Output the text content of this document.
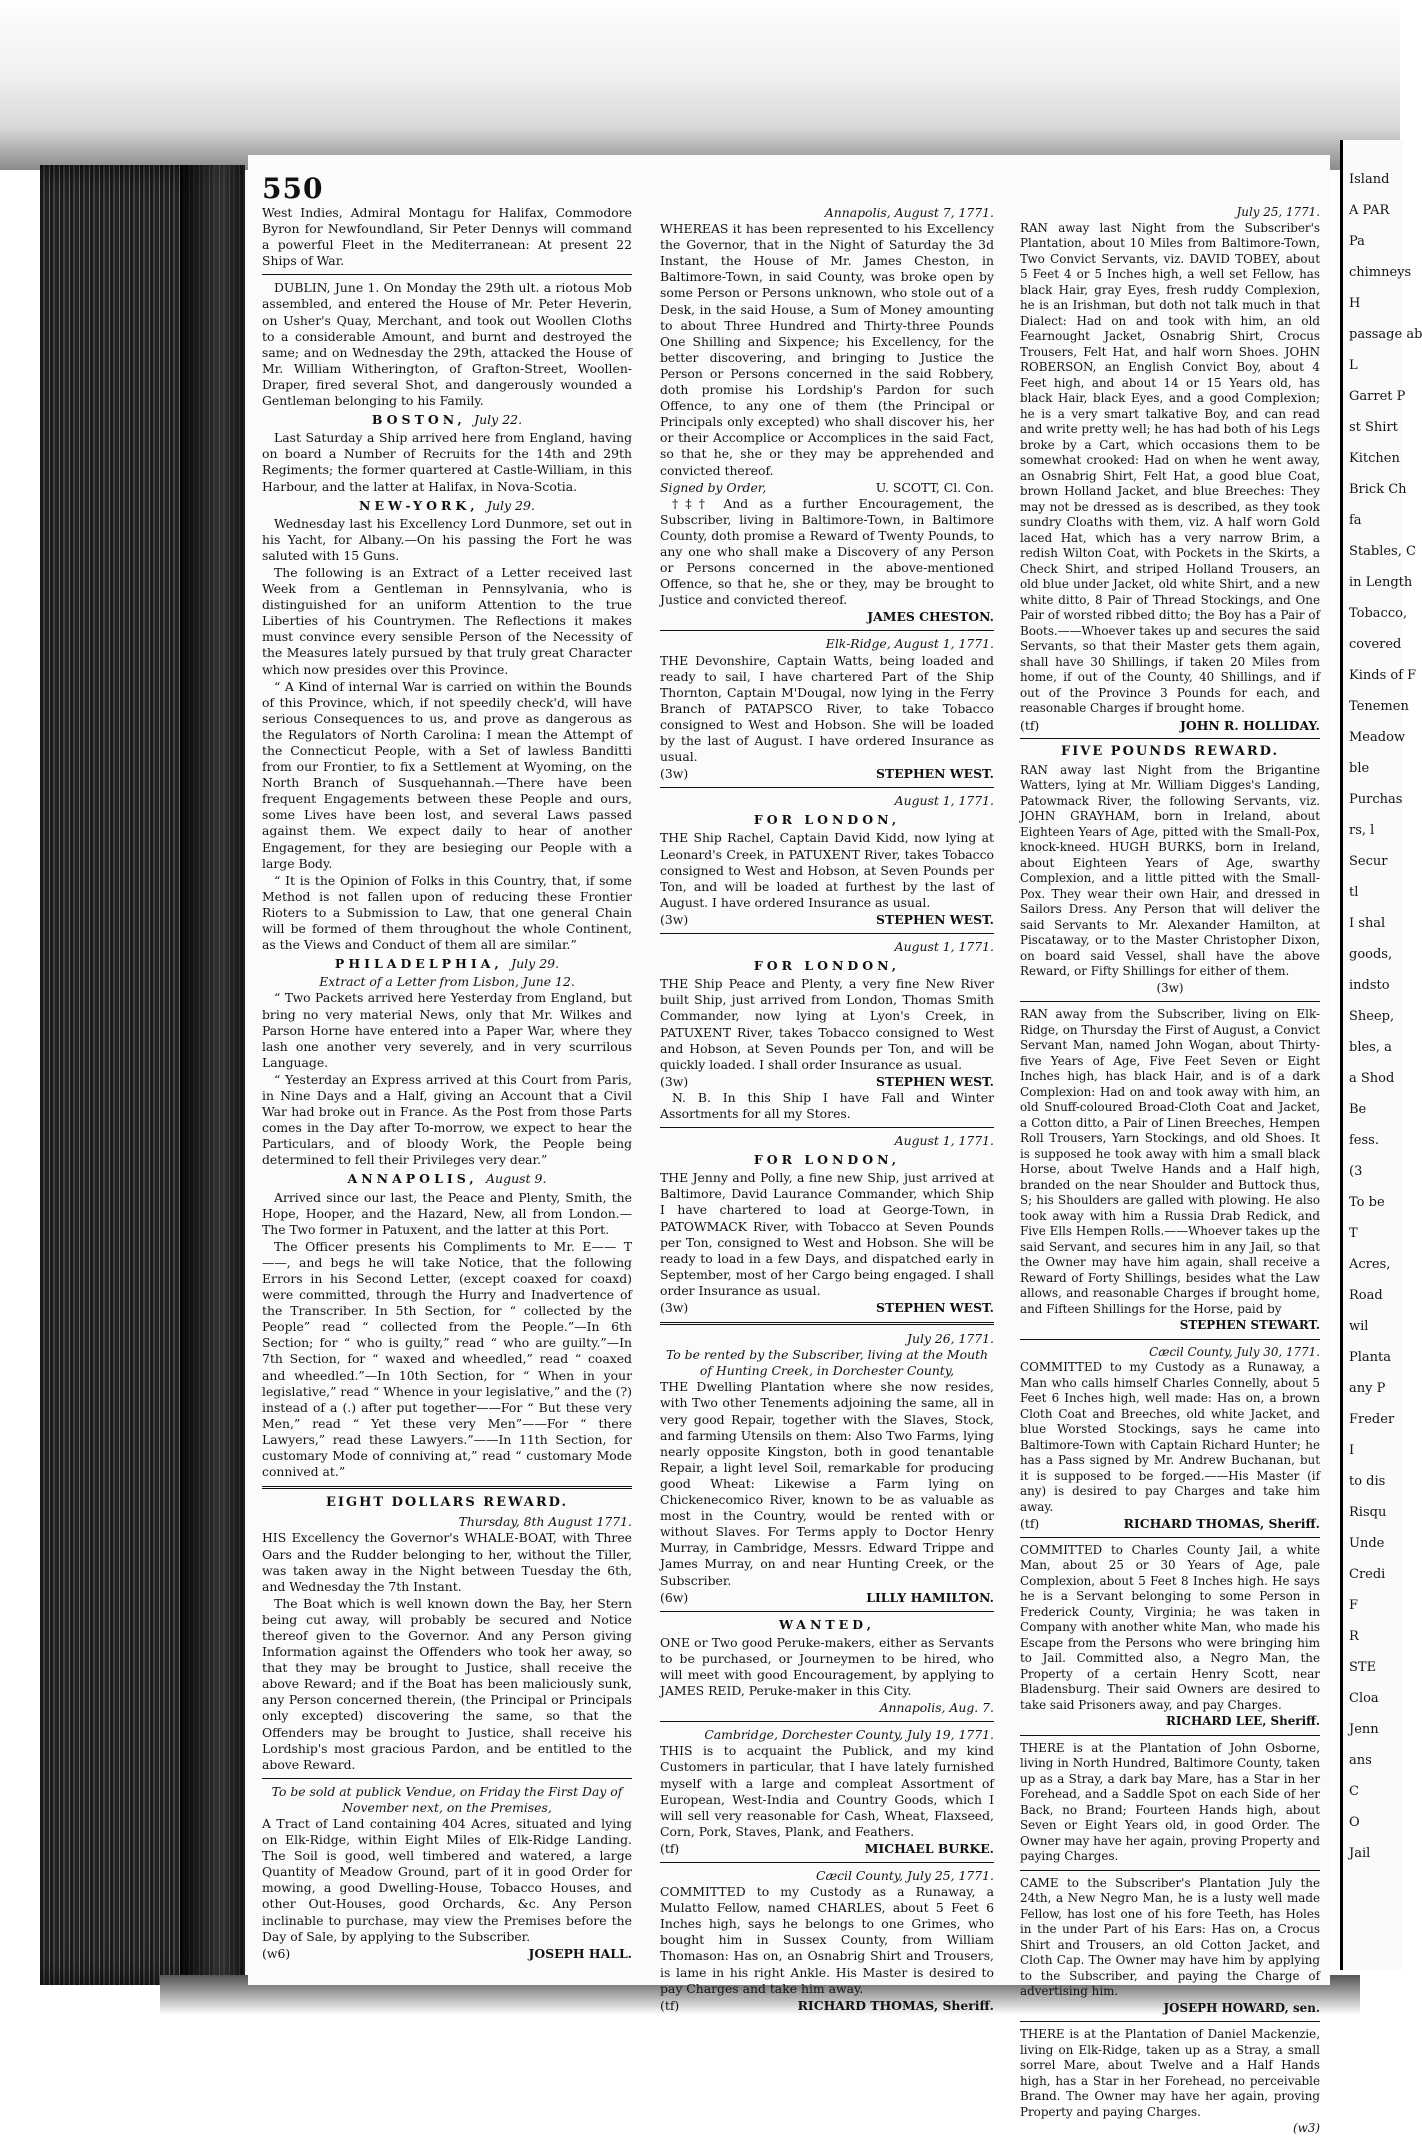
550

West Indies, Admiral Montagu for Halifax, Commodore Byron for Newfoundland, Sir Peter Dennys will command a powerful Fleet in the Mediterranean: At present 22 Ships of War.

DUBLIN, June 1. On Monday the 29th ult. a riotous Mob assembled, and entered the House of Mr. Peter Heverin, on Usher's Quay, Merchant, and took out Woollen Cloths to a considerable Amount, and burnt and destroyed the same; and on Wednesday the 29th, attacked the House of Mr. William Witherington, of Grafton-Street, Woollen-Draper, fired several Shot, and dangerously wounded a Gentleman belonging to his Family.

BOSTON, July 22.

Last Saturday a Ship arrived here from England, having on board a Number of Recruits for the 14th and 29th Regiments; the former quartered at Castle-William, in this Harbour, and the latter at Halifax, in Nova-Scotia.

NEW-YORK, July 29.

Wednesday last his Excellency Lord Dunmore, set out in his Yacht, for Albany.—On his passing the Fort he was saluted with 15 Guns.

The following is an Extract of a Letter received last Week from a Gentleman in Pennsylvania, who is distinguished for an uniform Attention to the true Liberties of his Countrymen. The Reflections it makes must convince every sensible Person of the Necessity of the Measures lately pursued by that truly great Character which now presides over this Province.

“ A Kind of internal War is carried on within the Bounds of this Province, which, if not speedily check'd, will have serious Consequences to us, and prove as dangerous as the Regulators of North Carolina: I mean the Attempt of the Connecticut People, with a Set of lawless Banditti from our Frontier, to fix a Settlement at Wyoming, on the North Branch of Susquehannah.—There have been frequent Engagements between these People and ours, some Lives have been lost, and several Laws passed against them. We expect daily to hear of another Engagement, for they are besieging our People with a large Body.

“ It is the Opinion of Folks in this Country, that, if some Method is not fallen upon of reducing these Frontier Rioters to a Submission to Law, that one general Chain will be formed of them throughout the whole Continent, as the Views and Conduct of them all are similar.”

PHILADELPHIA, July 29.
Extract of a Letter from Lisbon, June 12.

“ Two Packets arrived here Yesterday from England, but bring no very material News, only that Mr. Wilkes and Parson Horne have entered into a Paper War, where they lash one another very severely, and in very scurrilous Language.

“ Yesterday an Express arrived at this Court from Paris, in Nine Days and a Half, giving an Account that a Civil War had broke out in France. As the Post from those Parts comes in the Day after To-morrow, we expect to hear the Particulars, and of bloody Work, the People being determined to fell their Privileges very dear.”

ANNAPOLIS, August 9.

Arrived since our last, the Peace and Plenty, Smith, the Hope, Hooper, and the Hazard, New, all from London.—The Two former in Patuxent, and the latter at this Port.

The Officer presents his Compliments to Mr. E—— T——, and begs he will take Notice, that the following Errors in his Second Letter, (except coaxed for coaxd) were committed, through the Hurry and Inadvertence of the Transcriber. In 5th Section, for “ collected by the People” read “ collected from the People.”—In 6th Section; for “ who is guilty,” read “ who are guilty.”—In 7th Section, for “ waxed and wheedled,” read “ coaxed and wheedled.”—In 10th Section, for “ When in your legislative,” read “ Whence in your legislative,” and the (?) instead of a (.) after put together——For “ But these very Men,” read “ Yet these very Men”——For “ there Lawyers,” read these Lawyers.”——In 11th Section, for customary Mode of conniving at,” read “ customary Mode connived at.”

EIGHT DOLLARS REWARD.
Thursday, 8th August 1771.

HIS Excellency the Governor's WHALE-BOAT, with Three Oars and the Rudder belonging to her, without the Tiller, was taken away in the Night between Tuesday the 6th, and Wednesday the 7th Instant.

The Boat which is well known down the Bay, her Stern being cut away, will probably be secured and Notice thereof given to the Governor. And any Person giving Information against the Offenders who took her away, so that they may be brought to Justice, shall receive the above Reward; and if the Boat has been maliciously sunk, any Person concerned therein, (the Principal or Principals only excepted) discovering the same, so that the Offenders may be brought to Justice, shall receive his Lordship's most gracious Pardon, and be entitled to the above Reward.

To be sold at publick Vendue, on Friday the First Day of November next, on the Premises,

A Tract of Land containing 404 Acres, situated and lying on Elk-Ridge, within Eight Miles of Elk-Ridge Landing. The Soil is good, well timbered and watered, a large Quantity of Meadow Ground, part of it in good Order for mowing, a good Dwelling-House, Tobacco Houses, and other Out-Houses, good Orchards, &c. Any Person inclinable to purchase, may view the Premises before the Day of Sale, by applying to the Subscriber.

(w6)	JOSEPH HALL.
Annapolis, August 7, 1771.

WHEREAS it has been represented to his Excellency the Governor, that in the Night of Saturday the 3d Instant, the House of Mr. James Cheston, in Baltimore-Town, in said County, was broke open by some Person or Persons unknown, who stole out of a Desk, in the said House, a Sum of Money amounting to about Three Hundred and Thirty-three Pounds One Shilling and Sixpence; his Excellency, for the better discovering, and bringing to Justice the Person or Persons concerned in the said Robbery, doth promise his Lordship's Pardon for such Offence, to any one of them (the Principal or Principals only excepted) who shall discover his, her or their Accomplice or Accomplices in the said Fact, so that he, she or they may be apprehended and convicted thereof.

Signed by Order,	U. SCOTT, Cl. Con.

†‡† And as a further Encouragement, the Subscriber, living in Baltimore-Town, in Baltimore County, doth promise a Reward of Twenty Pounds, to any one who shall make a Discovery of any Person or Persons concerned in the above-mentioned Offence, so that he, she or they, may be brought to Justice and convicted thereof.

JAMES CHESTON.
Elk-Ridge, August 1, 1771.

THE Devonshire, Captain Watts, being loaded and ready to sail, I have chartered Part of the Ship Thornton, Captain M'Dougal, now lying in the Ferry Branch of PATAPSCO River, to take Tobacco consigned to West and Hobson. She will be loaded by the last of August. I have ordered Insurance as usual.

(3w)	STEPHEN WEST.
August 1, 1771.
FOR LONDON,

THE Ship Rachel, Captain David Kidd, now lying at Leonard's Creek, in PATUXENT River, takes Tobacco consigned to West and Hobson, at Seven Pounds per Ton, and will be loaded at furthest by the last of August. I have ordered Insurance as usual.

(3w)	STEPHEN WEST.
August 1, 1771.
FOR LONDON,

THE Ship Peace and Plenty, a very fine New River built Ship, just arrived from London, Thomas Smith Commander, now lying at Lyon's Creek, in PATUXENT River, takes Tobacco consigned to West and Hobson, at Seven Pounds per Ton, and will be quickly loaded. I shall order Insurance as usual.

(3w)	STEPHEN WEST.

N. B. In this Ship I have Fall and Winter Assortments for all my Stores.

August 1, 1771.
FOR LONDON,

THE Jenny and Polly, a fine new Ship, just arrived at Baltimore, David Laurance Commander, which Ship I have chartered to load at George-Town, in PATOWMACK River, with Tobacco at Seven Pounds per Ton, consigned to West and Hobson. She will be ready to load in a few Days, and dispatched early in September, most of her Cargo being engaged. I shall order Insurance as usual.

(3w)	STEPHEN WEST.
July 26, 1771.
To be rented by the Subscriber, living at the Mouth of Hunting Creek, in Dorchester County,

THE Dwelling Plantation where she now resides, with Two other Tenements adjoining the same, all in very good Repair, together with the Slaves, Stock, and farming Utensils on them: Also Two Farms, lying nearly opposite Kingston, both in good tenantable Repair, a light level Soil, remarkable for producing good Wheat: Likewise a Farm lying on Chickenecomico River, known to be as valuable as most in the Country, would be rented with or without Slaves. For Terms apply to Doctor Henry Murray, in Cambridge, Messrs. Edward Trippe and James Murray, on and near Hunting Creek, or the Subscriber.

(6w)	LILLY HAMILTON.
WANTED,

ONE or Two good Peruke-makers, either as Servants to be purchased, or Journeymen to be hired, who will meet with good Encouragement, by applying to JAMES REID, Peruke-maker in this City.

Annapolis, Aug. 7.
Cambridge, Dorchester County, July 19, 1771.

THIS is to acquaint the Publick, and my kind Customers in particular, that I have lately furnished myself with a large and compleat Assortment of European, West-India and Country Goods, which I will sell very reasonable for Cash, Wheat, Flaxseed, Corn, Pork, Staves, Plank, and Feathers.

(tf)	MICHAEL BURKE.
Cæcil County, July 25, 1771.

COMMITTED to my Custody as a Runaway, a Mulatto Fellow, named CHARLES, about 5 Feet 6 Inches high, says he belongs to one Grimes, who bought him in Sussex County, from William Thomason: Has on, an Osnabrig Shirt and Trousers, is lame in his right Ankle. His Master is desired to pay Charges and take him away.

(tf)	RICHARD THOMAS, Sheriff.
July 25, 1771.

RAN away last Night from the Subscriber's Plantation, about 10 Miles from Baltimore-Town, Two Convict Servants, viz. DAVID TOBEY, about 5 Feet 4 or 5 Inches high, a well set Fellow, has black Hair, gray Eyes, fresh ruddy Complexion, he is an Irishman, but doth not talk much in that Dialect: Had on and took with him, an old Fearnought Jacket, Osnabrig Shirt, Crocus Trousers, Felt Hat, and half worn Shoes. JOHN ROBERSON, an English Convict Boy, about 4 Feet high, and about 14 or 15 Years old, has black Hair, black Eyes, and a good Complexion; he is a very smart talkative Boy, and can read and write pretty well; he has had both of his Legs broke by a Cart, which occasions them to be somewhat crooked: Had on when he went away, an Osnabrig Shirt, Felt Hat, a good blue Coat, brown Holland Jacket, and blue Breeches: They may not be dressed as is described, as they took sundry Cloaths with them, viz. A half worn Gold laced Hat, which has a very narrow Brim, a redish Wilton Coat, with Pockets in the Skirts, a Check Shirt, and striped Holland Trousers, an old blue under Jacket, old white Shirt, and a new white ditto, 8 Pair of Thread Stockings, and One Pair of worsted ribbed ditto; the Boy has a Pair of Boots.——Whoever takes up and secures the said Servants, so that their Master gets them again, shall have 30 Shillings, if taken 20 Miles from home, if out of the County, 40 Shillings, and if out of the Province 3 Pounds for each, and reasonable Charges if brought home.

(tf)	JOHN R. HOLLIDAY.
FIVE POUNDS REWARD.

RAN away last Night from the Brigantine Watters, lying at Mr. William Digges's Landing, Patowmack River, the following Servants, viz. JOHN GRAYHAM, born in Ireland, about Eighteen Years of Age, pitted with the Small-Pox, knock-kneed. HUGH BURKS, born in Ireland, about Eighteen Years of Age, swarthy Complexion, and a little pitted with the Small-Pox. They wear their own Hair, and dressed in Sailors Dress. Any Person that will deliver the said Servants to Mr. Alexander Hamilton, at Piscataway, or to the Master Christopher Dixon, on board said Vessel, shall have the above Reward, or Fifty Shillings for either of them.

(3w)

RAN away from the Subscriber, living on Elk-Ridge, on Thursday the First of August, a Convict Servant Man, named John Wogan, about Thirty-five Years of Age, Five Feet Seven or Eight Inches high, has black Hair, and is of a dark Complexion: Had on and took away with him, an old Snuff-coloured Broad-Cloth Coat and Jacket, a Cotton ditto, a Pair of Linen Breeches, Hempen Roll Trousers, Yarn Stockings, and old Shoes. It is supposed he took away with him a small black Horse, about Twelve Hands and a Half high, branded on the near Shoulder and Buttock thus, S; his Shoulders are galled with plowing. He also took away with him a Russia Drab Redick, and Five Ells Hempen Rolls.——Whoever takes up the said Servant, and secures him in any Jail, so that the Owner may have him again, shall receive a Reward of Forty Shillings, besides what the Law allows, and reasonable Charges if brought home, and Fifteen Shillings for the Horse, paid by

STEPHEN STEWART.
Cæcil County, July 30, 1771.

COMMITTED to my Custody as a Runaway, a Man who calls himself Charles Connelly, about 5 Feet 6 Inches high, well made: Has on, a brown Cloth Coat and Breeches, old white Jacket, and blue Worsted Stockings, says he came into Baltimore-Town with Captain Richard Hunter; he has a Pass signed by Mr. Andrew Buchanan, but it is supposed to be forged.——His Master (if any) is desired to pay Charges and take him away.

(tf)	RICHARD THOMAS, Sheriff.

COMMITTED to Charles County Jail, a white Man, about 25 or 30 Years of Age, pale Complexion, about 5 Feet 8 Inches high. He says he is a Servant belonging to some Person in Frederick County, Virginia; he was taken in Company with another white Man, who made his Escape from the Persons who were bringing him to Jail. Committed also, a Negro Man, the Property of a certain Henry Scott, near Bladensburg. Their said Owners are desired to take said Prisoners away, and pay Charges.

RICHARD LEE, Sheriff.

THERE is at the Plantation of John Osborne, living in North Hundred, Baltimore County, taken up as a Stray, a dark bay Mare, has a Star in her Forehead, and a Saddle Spot on each Side of her Back, no Brand; Fourteen Hands high, about Seven or Eight Years old, in good Order. The Owner may have her again, proving Property and paying Charges.

CAME to the Subscriber's Plantation July the 24th, a New Negro Man, he is a lusty well made Fellow, has lost one of his fore Teeth, has Holes in the under Part of his Ears: Has on, a Crocus Shirt and Trousers, an old Cotton Jacket, and Cloth Cap. The Owner may have him by applying to the Subscriber, and paying the Charge of advertising him.

JOSEPH HOWARD, sen.

THERE is at the Plantation of Daniel Mackenzie, living on Elk-Ridge, taken up as a Stray, a small sorrel Mare, about Twelve and a Half Hands high, has a Star in her Forehead, no perceivable Brand. The Owner may have her again, proving Property and paying Charges.

(w3)
Island
A PAR
Pa
chimneys
H
passage ab
L
Garret P
st Shirt
Kitchen
Brick Ch
fa
Stables, C
in Length
Tobacco,
covered
Kinds of F
Tenemen
Meadow
ble
Purchas
rs, l
Secur
tl
I shal
goods,
indsto
Sheep,
bles, a
a Shod
Be
fess.
(3
To be
T
Acres,
Road
wil
Planta
any P
Freder
I
to dis
Risqu
Unde
Credi
F
R
STE
Cloa
Jenn
ans
C
O
Jail
